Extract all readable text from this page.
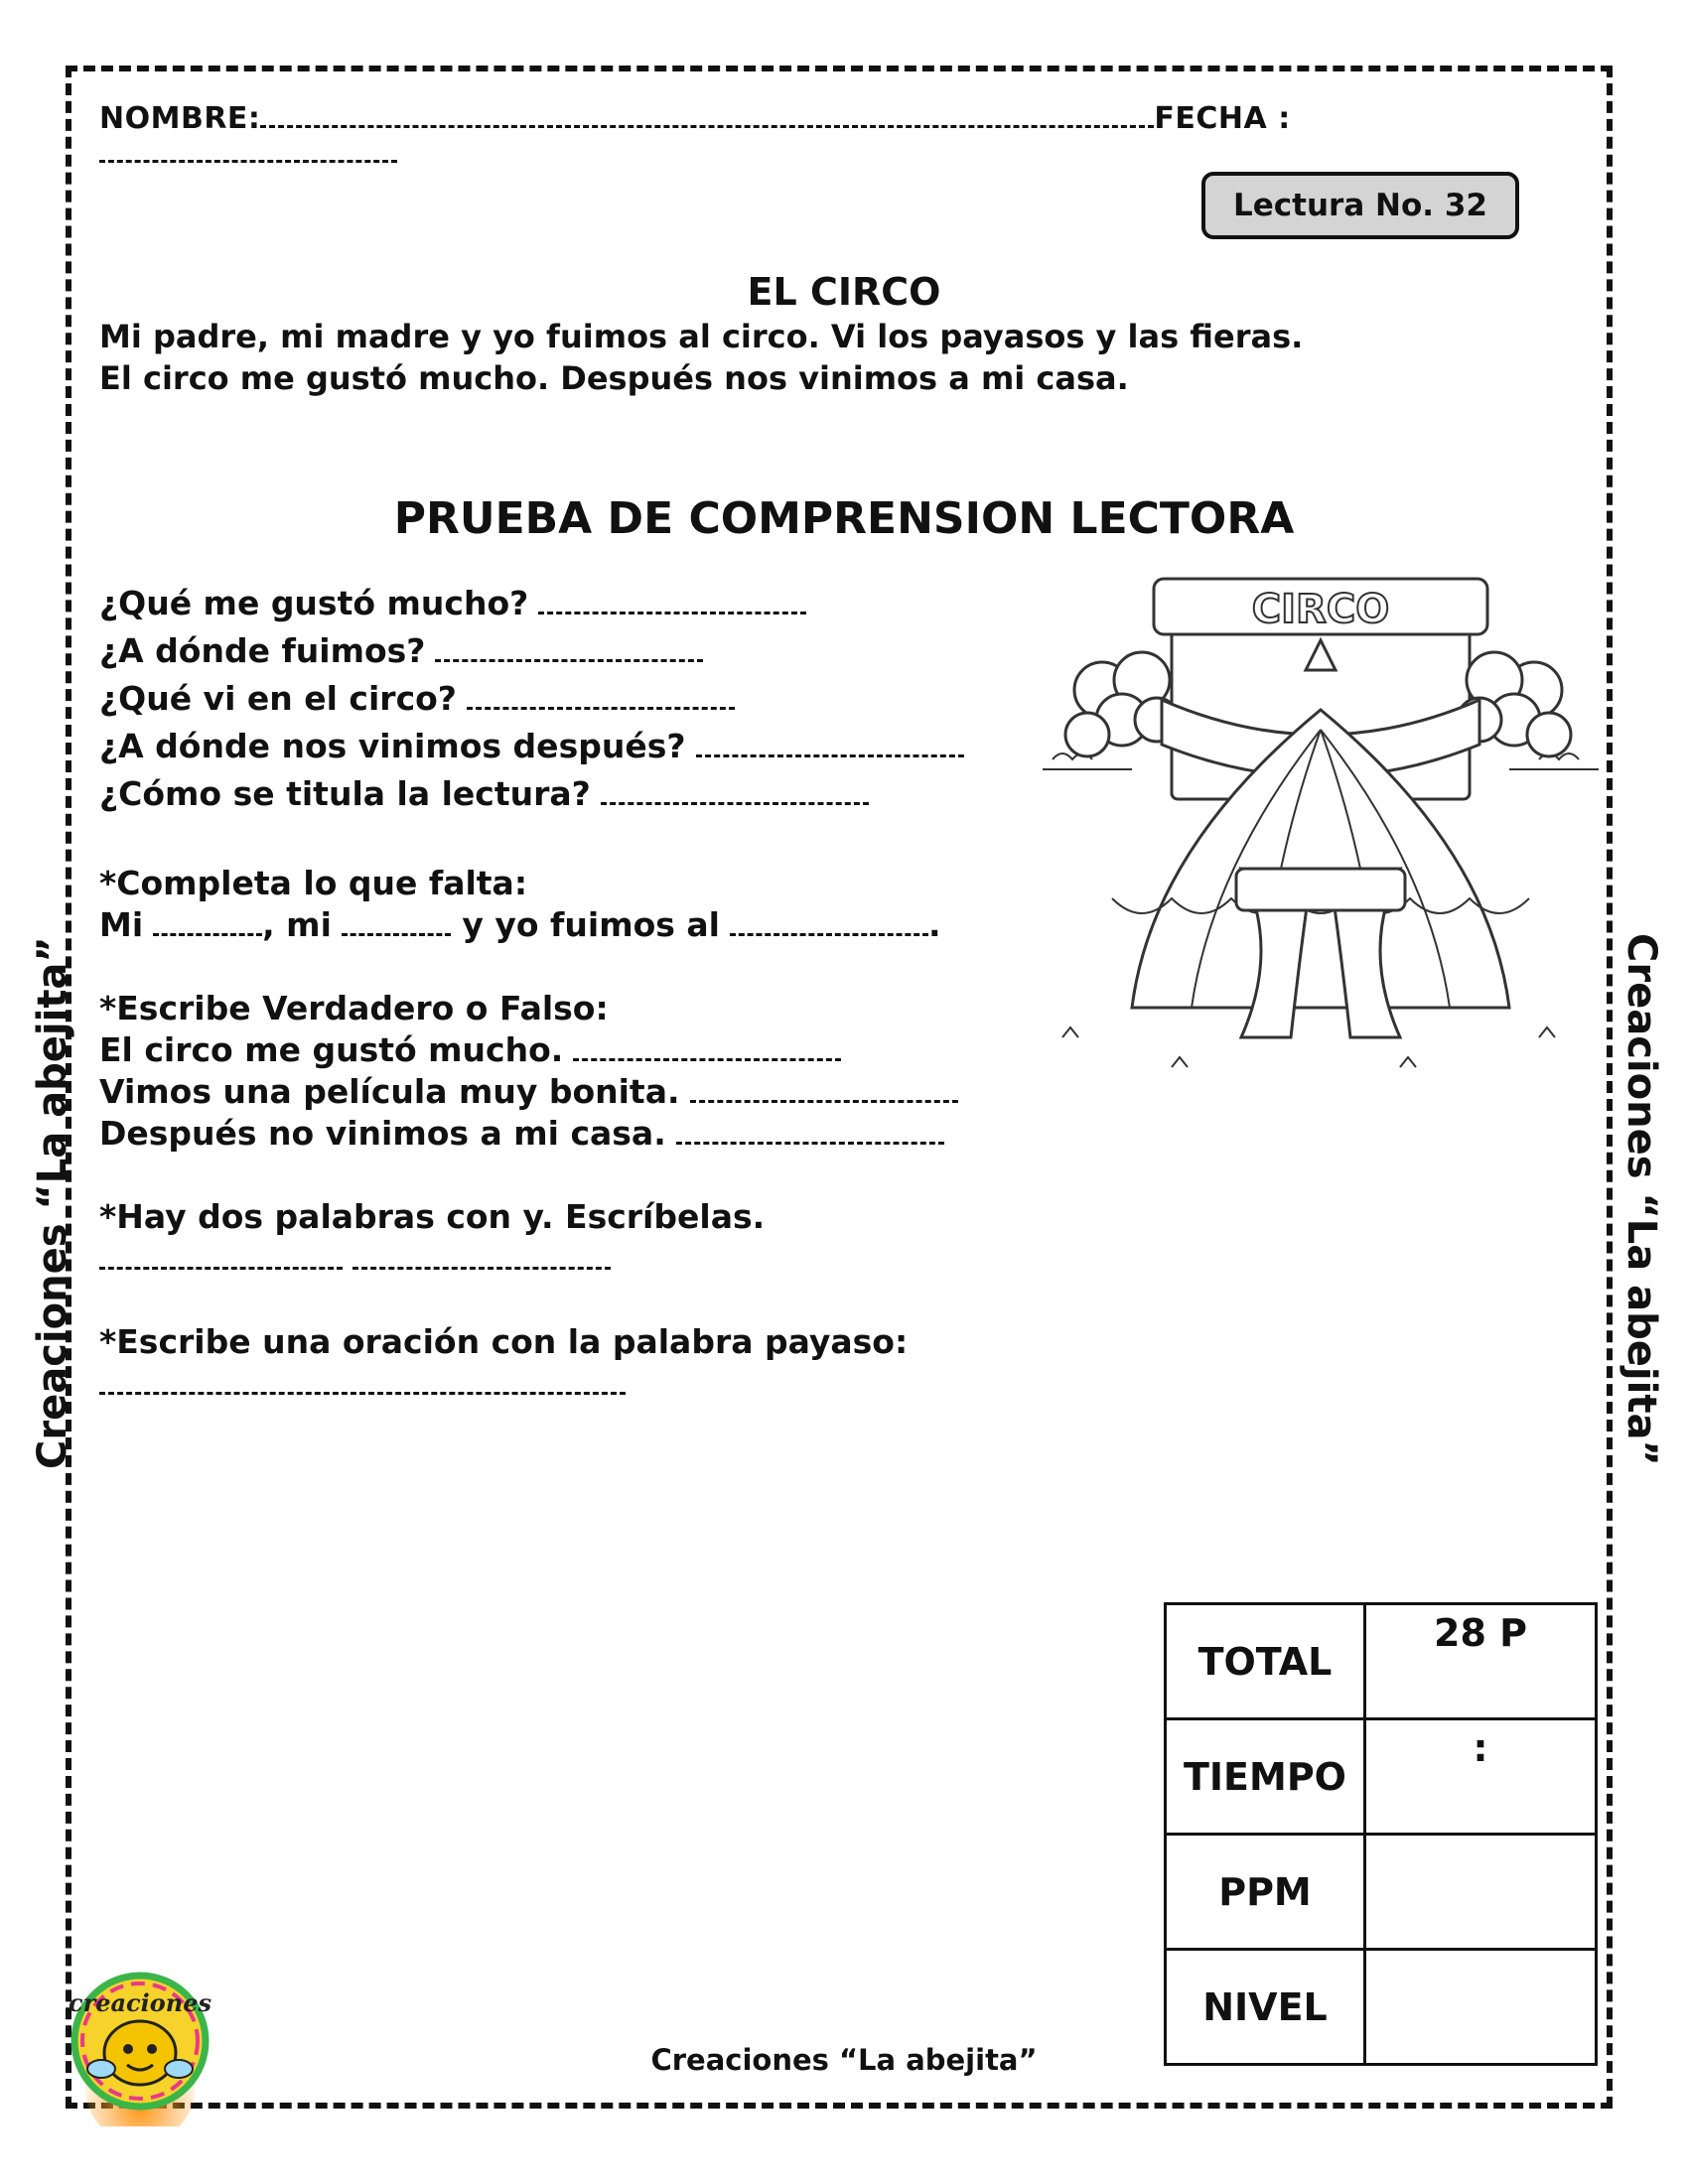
NOMBRE:	FECHA :
Lectura No. 32
EL CIRCO
Mi padre, mi madre y yo fuimos al circo. Vi los payasos y las fieras.
El circo me gustó mucho. Después nos vinimos a mi casa.
PRUEBA DE COMPRENSION LECTORA
¿Qué me gustó mucho?
¿A dónde fuimos?
¿Qué vi en el circo?
¿A dónde nos vinimos después?
¿Cómo se titula la lectura?
*Completa lo que falta:
Mi	, mi	y yo fuimos al	.
*Escribe Verdadero o Falso:
El circo me gustó mucho.
Vimos una película muy bonita.
Después no vinimos a mi casa.
*Hay dos palabras con y. Escríbelas.
*Escribe una oración con la palabra payaso:
CIRCO
TOTAL	28 P
TIEMPO	:
PPM	
NIVEL	
Creaciones “La abejita”	Creaciones “La abejita”
Creaciones “La abejita”
creaciones
